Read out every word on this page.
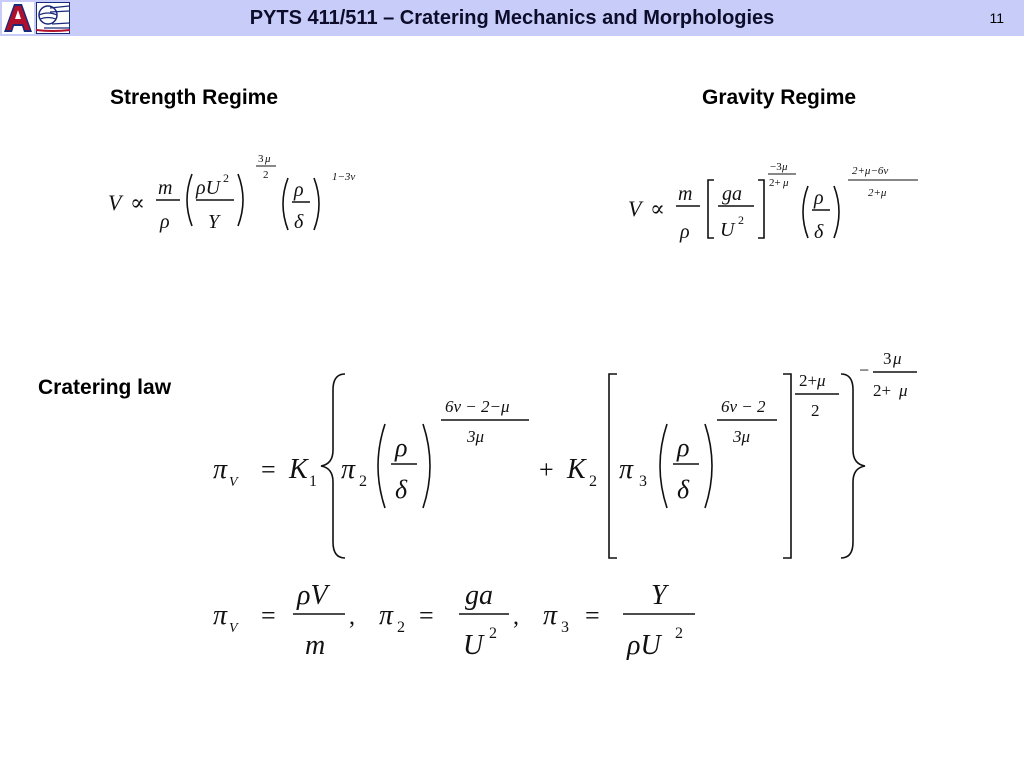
PYTS 411/511 – Cratering Mechanics and Morphologies	11
Strength Regime	Gravity Regime
Cratering law
V ∝
m
ρ
ρU 2
Y
3 μ
2
ρ
δ
1−3ν
V ∝
m
ρ
ga
U 2
−3 μ
2+ μ
ρ
δ
2+μ−6ν
2+μ
π V = K 1 π 2
ρ
δ
6ν − 2−μ
3μ
+ K 2 π 3
ρ
δ
6ν − 2
3μ
2+ μ
2
−
3 μ
2+ μ
π V =
ρV
m
, π 2 =
ga
U 2
, π 3 =
Y
ρU 2
